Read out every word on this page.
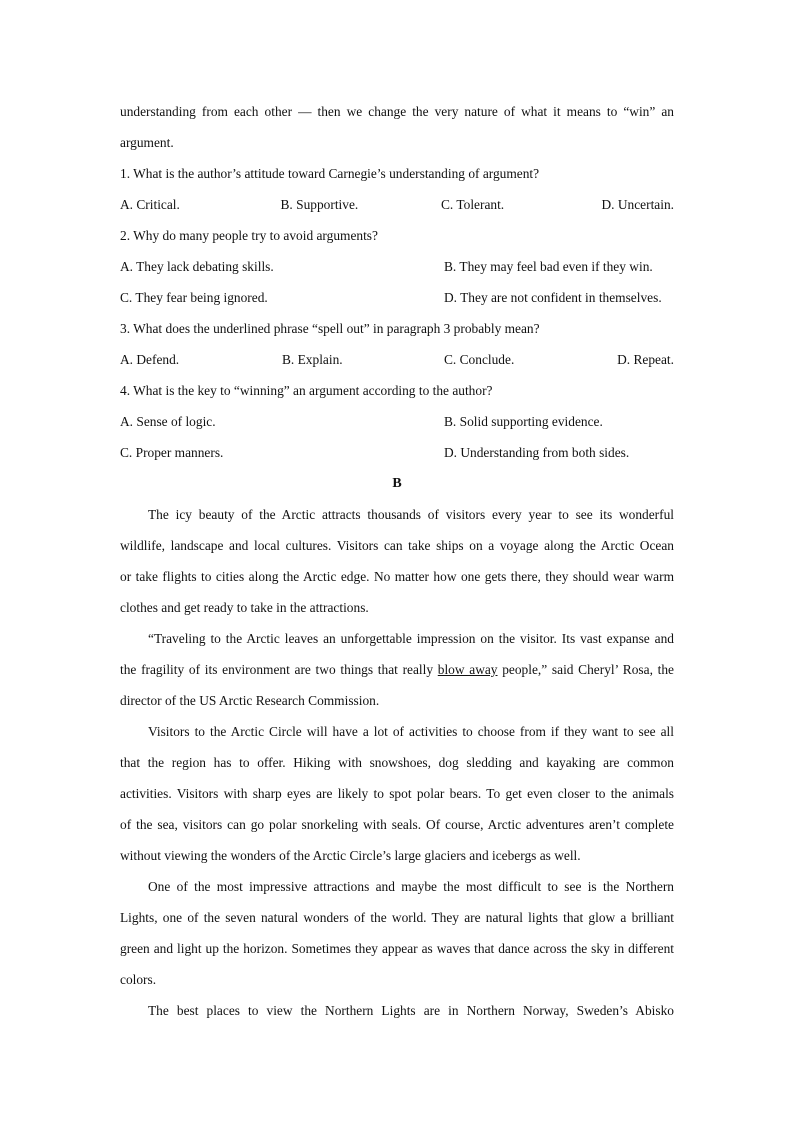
understanding from each other — then we change the very nature of what it means to “win” an

argument.

1. What is the author’s attitude toward Carnegie’s understanding of argument?

A. Critical.	B. Supportive.	C. Tolerant.	D. Uncertain.

2. Why do many people try to avoid arguments?

A. They lack debating skills.	B. They may feel bad even if they win.
C. They fear being ignored.	D. They are not confident in themselves.

3. What does the underlined phrase “spell out” in paragraph 3 probably mean?

A. Defend.	B. Explain.	C. Conclude.	D. Repeat.

4. What is the key to “winning” an argument according to the author?

A. Sense of logic.	B. Solid supporting evidence.
C. Proper manners.	D. Understanding from both sides.

B

The icy beauty of the Arctic attracts thousands of visitors every year to see its wonderful

wildlife, landscape and local cultures. Visitors can take ships on a voyage along the Arctic Ocean

or take flights to cities along the Arctic edge. No matter how one gets there, they should wear warm

clothes and get ready to take in the attractions.

“Traveling to the Arctic leaves an unforgettable impression on the visitor. Its vast expanse and

the fragility of its environment are two things that really blow away people,” said Cheryl’ Rosa, the

director of the US Arctic Research Commission.

Visitors to the Arctic Circle will have a lot of activities to choose from if they want to see all

that the region has to offer. Hiking with snowshoes, dog sledding and kayaking are common

activities. Visitors with sharp eyes are likely to spot polar bears. To get even closer to the animals

of the sea, visitors can go polar snorkeling with seals. Of course, Arctic adventures aren’t complete

without viewing the wonders of the Arctic Circle’s large glaciers and icebergs as well.

One of the most impressive attractions and maybe the most difficult to see is the Northern

Lights, one of the seven natural wonders of the world. They are natural lights that glow a brilliant

green and light up the horizon. Sometimes they appear as waves that dance across the sky in different

colors.

The best places to view the Northern Lights are in Northern Norway, Sweden’s Abisko
